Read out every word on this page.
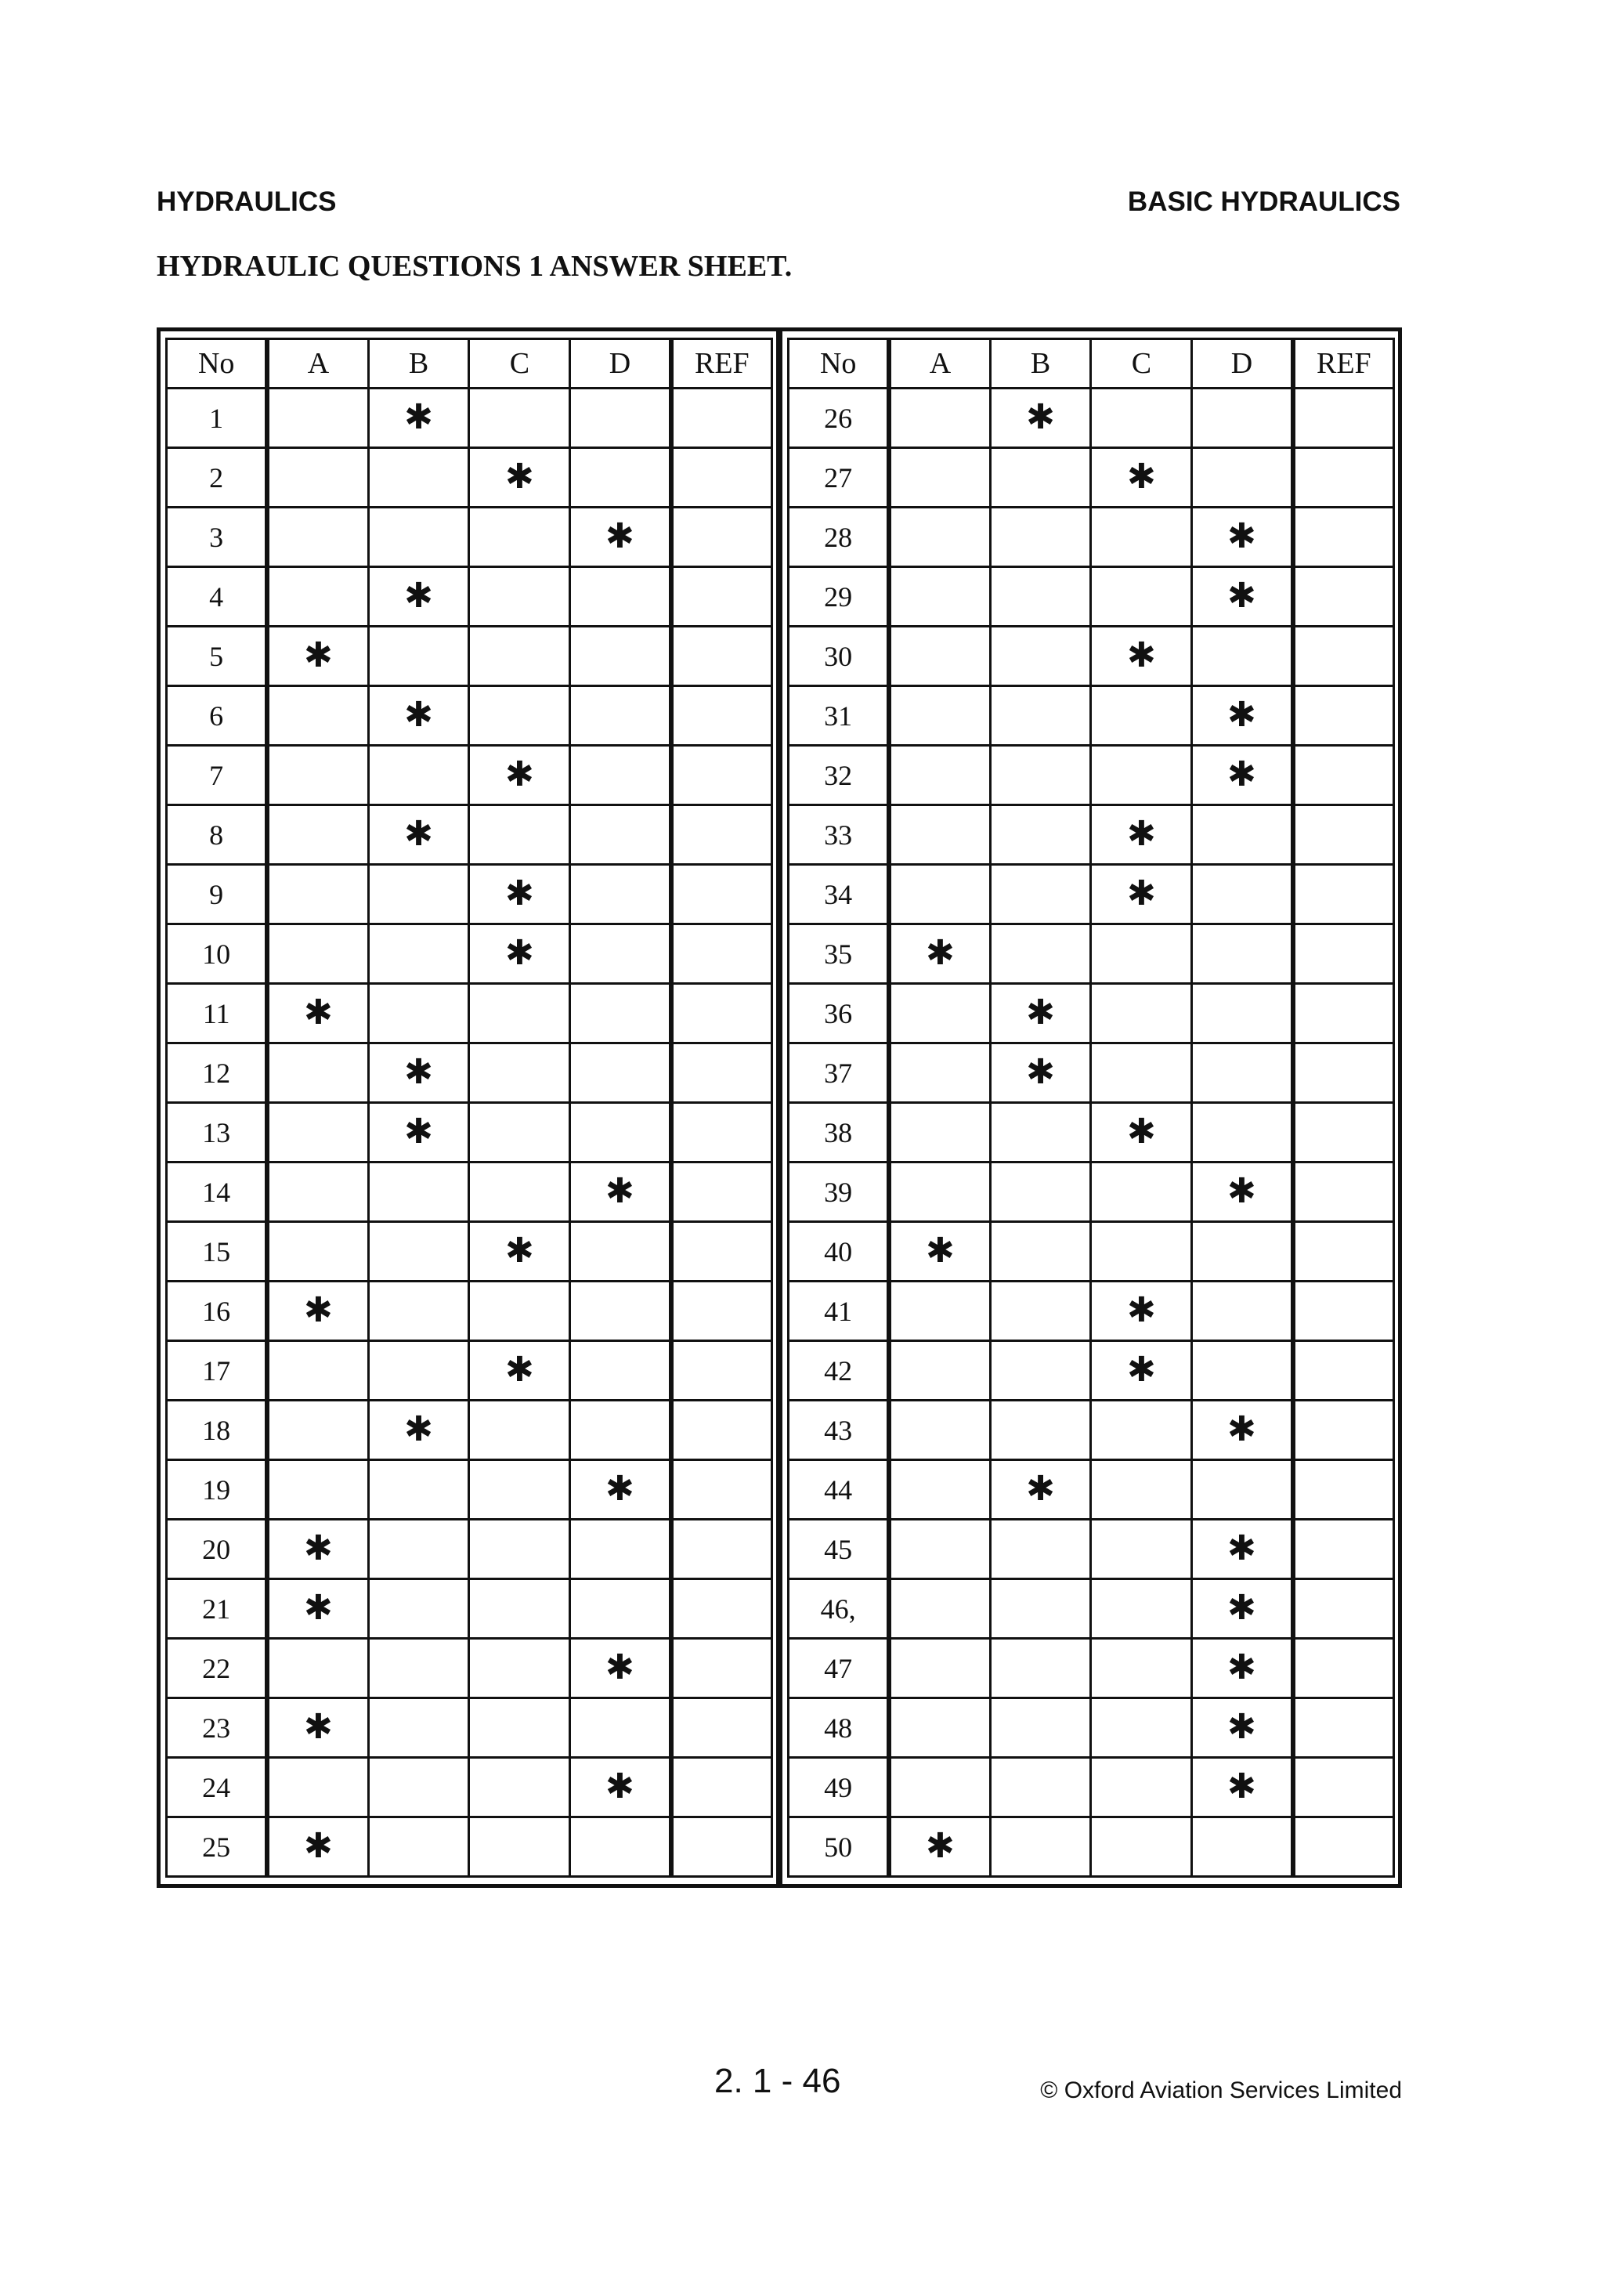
HYDRAULICS	BASIC HYDRAULICS
HYDRAULIC QUESTIONS 1 ANSWER SHEET.
No	A	B	C	D	REF
1		✱			
2			✱		
3				✱	
4		✱			
5	✱				
6		✱			
7			✱		
8		✱			
9			✱		
10			✱		
11	✱				
12		✱			
13		✱			
14				✱	
15			✱		
16	✱				
17			✱		
18		✱			
19				✱	
20	✱				
21	✱				
22				✱	
23	✱				
24				✱	
25	✱				
No	A	B	C	D	REF
26		✱			
27			✱		
28				✱	
29				✱	
30			✱		
31				✱	
32				✱	
33			✱		
34			✱		
35	✱				
36		✱			
37		✱			
38			✱		
39				✱	
40	✱				
41			✱		
42			✱		
43				✱	
44		✱			
45				✱	
46,				✱	
47				✱	
48				✱	
49				✱	
50	✱				
2. 1 - 46	© Oxford Aviation Services Limited
